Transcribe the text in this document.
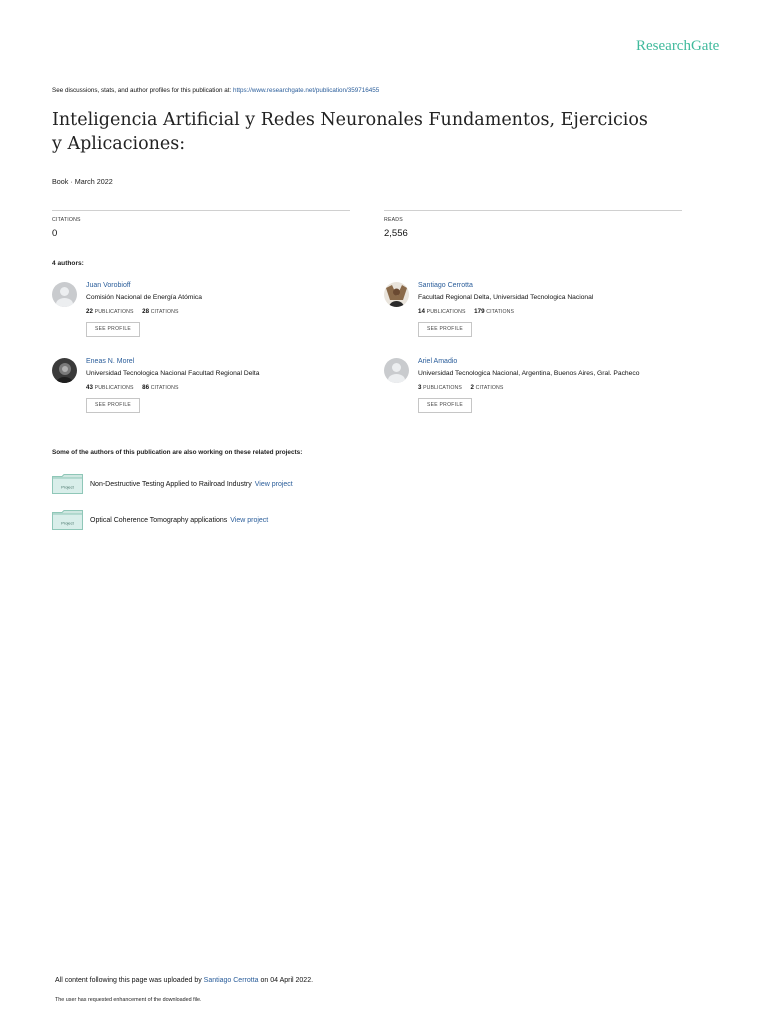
ResearchGate
See discussions, stats, and author profiles for this publication at: https://www.researchgate.net/publication/359716455
Inteligencia Artificial y Redes Neuronales Fundamentos, Ejercicios y Aplicaciones:
Book · March 2022
CITATIONS
0
READS
2,556
4 authors:
Juan Vorobioff
Comisión Nacional de Energía Atómica
22 PUBLICATIONS 28 CITATIONS
SEE PROFILE
Santiago Cerrotta
Facultad Regional Delta, Universidad Tecnologica Nacional
14 PUBLICATIONS 179 CITATIONS
SEE PROFILE
Eneas N. Morel
Universidad Tecnologica Nacional Facultad Regional Delta
43 PUBLICATIONS 86 CITATIONS
SEE PROFILE
Ariel Amadio
Universidad Tecnologica Nacional, Argentina, Buenos Aires, Gral. Pacheco
3 PUBLICATIONS 2 CITATIONS
SEE PROFILE
Some of the authors of this publication are also working on these related projects:
Project Non-Destructive Testing Applied to Railroad Industry View project
Project Optical Coherence Tomography applications View project
All content following this page was uploaded by Santiago Cerrotta on 04 April 2022.
The user has requested enhancement of the downloaded file.
